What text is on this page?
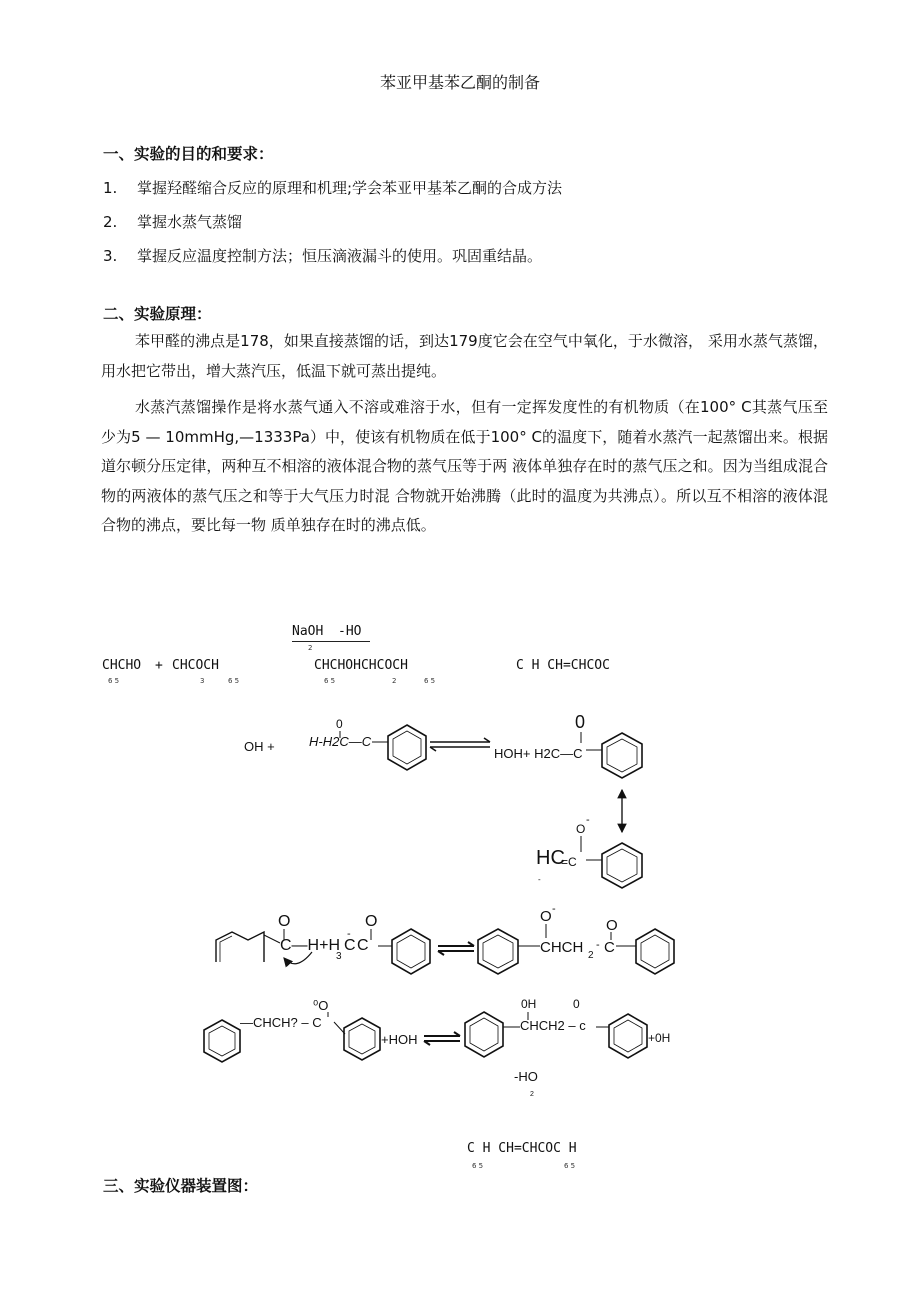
苯亚甲基苯乙酮的制备
一、实验的目的和要求：
1. 掌握羟醛缩合反应的原理和机理;学会苯亚甲基苯乙酮的合成方法
2. 掌握水蒸气蒸馏
3. 掌握反应温度控制方法；恒压滴液漏斗的使用。巩固重结晶。
二、实验原理：

苯甲醛的沸点是178，如果直接蒸馏的话，到达179度它会在空气中氧化，于水微溶， 采用水蒸气蒸馏，用水把它带出，增大蒸汽压，低温下就可蒸出提纯。

水蒸汽蒸馏操作是将水蒸气通入不溶或难溶于水，但有一定挥发度性的有机物质（在100° C其蒸气压至少为5 — 10mmHg,—1333Pa）中，使该有机物质在低于100° C的温度下，随着水蒸汽一起蒸馏出来。根据道尔顿分压定律，两种互不相溶的液体混合物的蒸气压等于两 液体单独存在时的蒸气压之和。因为当组成混合物的两液体的蒸气压之和等于大气压力时混 合物就开始沸腾（此时的温度为共沸点）。所以互不相溶的液体混合物的沸点，要比每一物 质单独存在时的沸点低。

NaOH -HO
2
CHCHO + CHCOCH	CHCHOHCHCOCH	C H CH=CHCOC
6 5	3	6 5	6 5	2	6 5
OH +
0
H-H2C—C
0
HOH+ H2C—C
O
-
HC
=C
-
O
C—H+H
3
C
-
O
C
O -
CHCH 2
-
O
C
—CHCH? – C
⁰O
+HOH
0H	0
CHCH2 – c
+0H
-HO
2
C H CH=CHCOC H
6 5	6 5
三、实验仪器装置图：
